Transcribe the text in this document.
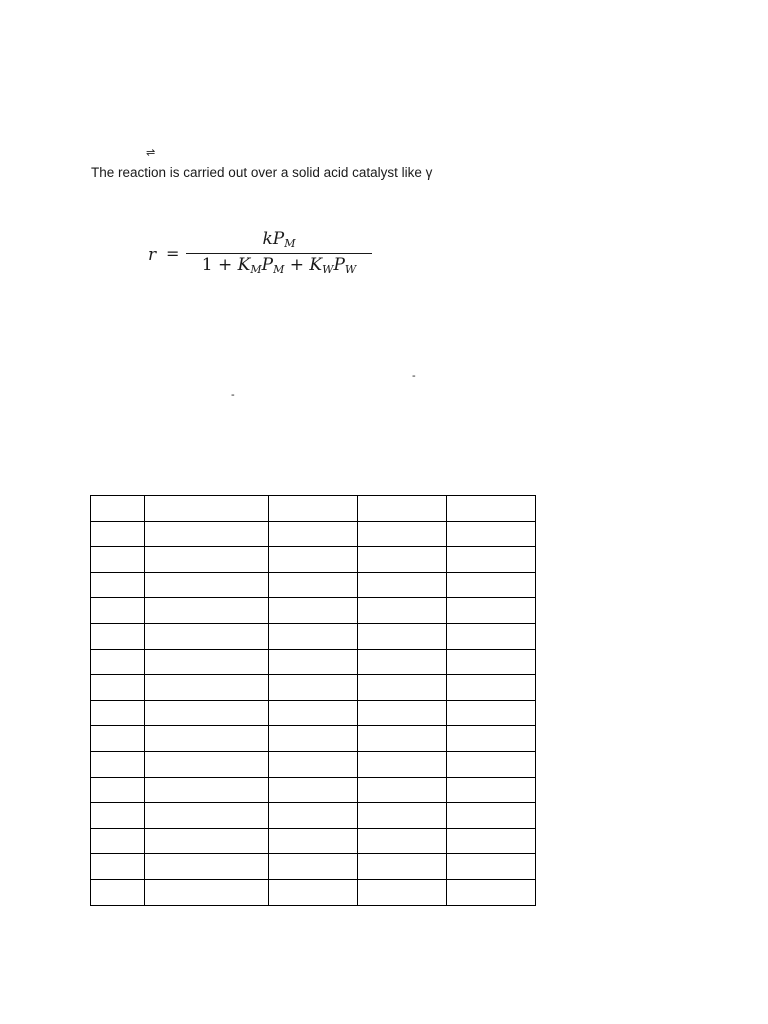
⇌

The reaction is carried out over a solid acid catalyst like γ

r =
$kP_M$
$1 + K_MP_M + K_WP_W$
-
-
